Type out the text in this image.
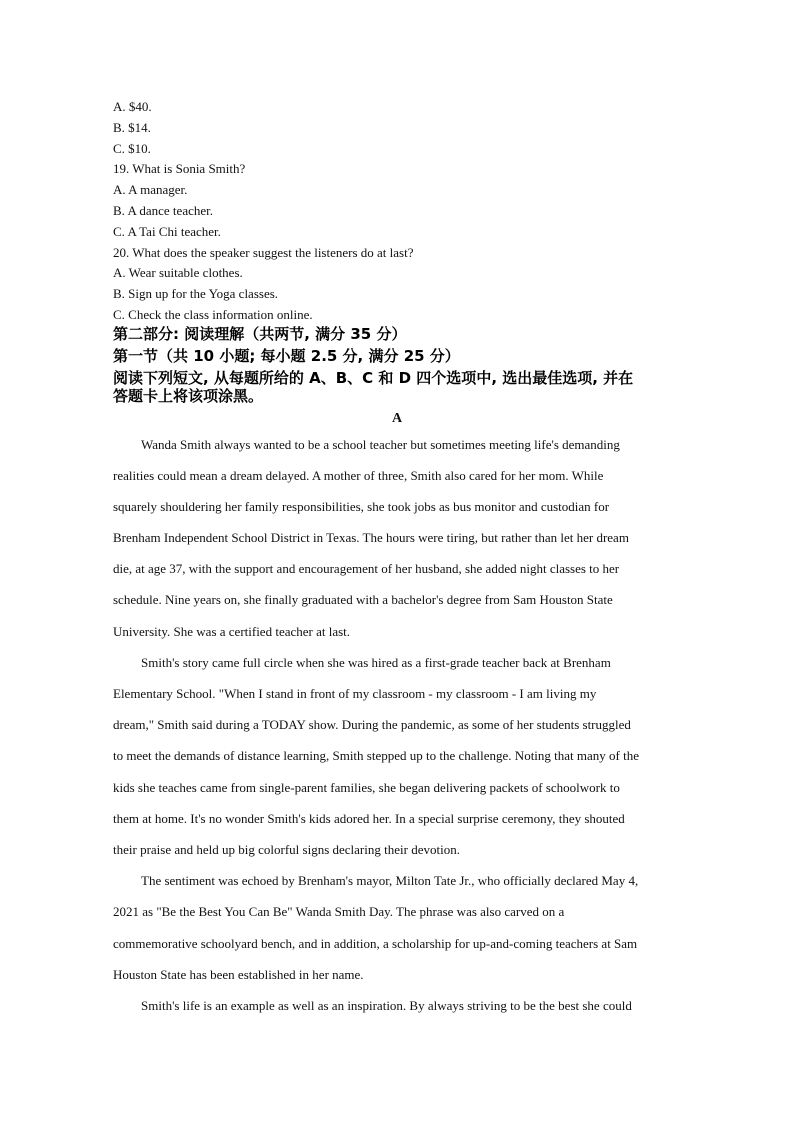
A. $40.
B. $14.
C. $10.
19. What is Sonia Smith?
A. A manager.
B. A dance teacher.
C. A Tai Chi teacher.
20. What does the speaker suggest the listeners do at last?
A. Wear suitable clothes.
B. Sign up for the Yoga classes.
C. Check the class information online.
第二部分: 阅读理解（共两节, 满分 35 分）
第一节（共 10 小题; 每小题 2.5 分, 满分 25 分）
阅读下列短文, 从每题所给的 A、B、C 和 D 四个选项中, 选出最佳选项, 并在
答题卡上将该项涂黑。
A
Wanda Smith always wanted to be a school teacher but sometimes meeting life's demanding
realities could mean a dream delayed. A mother of three, Smith also cared for her mom. While
squarely shouldering her family responsibilities, she took jobs as bus monitor and custodian for
Brenham Independent School District in Texas. The hours were tiring, but rather than let her dream
die, at age 37, with the support and encouragement of her husband, she added night classes to her
schedule. Nine years on, she finally graduated with a bachelor's degree from Sam Houston State
University. She was a certified teacher at last.
Smith's story came full circle when she was hired as a first-grade teacher back at Brenham
Elementary School. "When I stand in front of my classroom - my classroom - I am living my
dream," Smith said during a TODAY show. During the pandemic, as some of her students struggled
to meet the demands of distance learning, Smith stepped up to the challenge. Noting that many of the
kids she teaches came from single-parent families, she began delivering packets of schoolwork to
them at home. It's no wonder Smith's kids adored her. In a special surprise ceremony, they shouted
their praise and held up big colorful signs declaring their devotion.
The sentiment was echoed by Brenham's mayor, Milton Tate Jr., who officially declared May 4,
2021 as "Be the Best You Can Be" Wanda Smith Day. The phrase was also carved on a
commemorative schoolyard bench, and in addition, a scholarship for up-and-coming teachers at Sam
Houston State has been established in her name.
Smith's life is an example as well as an inspiration. By always striving to be the best she could
